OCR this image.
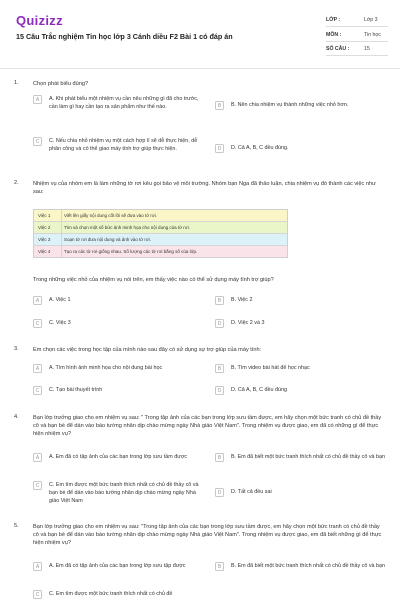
Quizizz
15 Câu Trắc nghiệm Tin học lớp 3 Cánh diều F2 Bài 1 có đáp án
LỚP :	Lớp 3
MÔN :	Tin học
SỐ CÂU :	15
1.	Chọn phát biểu đúng?
A	A. Khi phát biểu một nhiệm vụ cần nêu những gì đã cho trước, cần làm gì hay cần tạo ra sản phẩm như thế nào.	B	B. Nên chia nhiệm vụ thành những việc nhỏ hơn.
C	C. Nếu chia nhỏ nhiệm vụ một cách hợp lí sẽ dễ thực hiện, dễ phân công và có thể giao máy tính trợ giúp thực hiện.	D	D. Cả A, B, C đều đúng.
2.	Nhiệm vụ của nhóm em là làm những tờ rơi kêu gọi bảo vệ môi trường. Nhóm bạn Nga đã thảo luận, chia nhiệm vụ đó thành các việc như sau:
Việc 1	Viết lên giấy nội dung cốt lõi sẽ đưa vào tờ rơi.
Việc 2	Tìm và chọn một số bức ảnh minh họa cho nội dung của tờ rơi.
Việc 3	Soạn tờ rơi đưa nội dung và ảnh vào tờ rơi.
Việc 4	Tạo ra các tờ rơi giống nhau. Số lượng các tờ rơi bằng số của lớp.
Trong những việc nhỏ của nhiệm vụ nói trên, em thấy việc nào có thể sử dụng máy tính trợ giúp?
A	A. Việc 1	B	B. Việc 2
C	C. Việc 3	D	D. Việc 2 và 3
3.	Em chọn các việc trong học tập của mình nào sau đây có sử dụng sự trợ giúp của máy tính:
A	A. Tìm hình ảnh minh họa cho nội dung bài học	B	B. Tìm video bài hát để học nhạc
C	C. Tạo bài thuyết trình	D	D. Cả A, B, C đều đúng
4.	Bạn lớp trưởng giao cho em nhiệm vụ sau: " Trong tập ảnh của các bạn trong lớp sưu tầm được, em hãy chọn một bức tranh có chủ đề thầy cô và bạn bè để dán vào báo tường nhân dịp chào mừng ngày Nhà giáo Việt Nam". Trong nhiệm vụ được giao, em đã có những gì để thực hiện nhiệm vụ?
A	A. Em đã có tập ảnh của các bạn trong lớp sưu tầm được	B	B. Em đã biết một bức tranh thích nhất có chủ đề thầy cô và bạn
C	C. Em tìm được một bức tranh thích nhất có chủ đề thầy cô và bạn bè để dán vào báo tường nhân dịp chào mừng ngày Nhà giáo Việt Nam
D	D. Tất cả đều sai
5.	Bạn lớp trưởng giao cho em nhiệm vụ sau: "Trong tập ảnh của các bạn trong lớp sưu tầm được, em hãy chọn một bức tranh có chủ đề thầy cô và bạn bè để dán vào báo tường nhân dịp chào mừng ngày Nhà giáo Việt Nam". Trong nhiệm vụ được giao, em đã biết những gì để thực hiện nhiệm vụ?
A	A. Em đã có tập ảnh của các bạn trong lớp sưu tập được	B	B. Em đã biết một bức tranh thích nhất có chủ đề thầy cô và bạn
C	C. Em tìm được một bức tranh thích nhất có chủ đề
